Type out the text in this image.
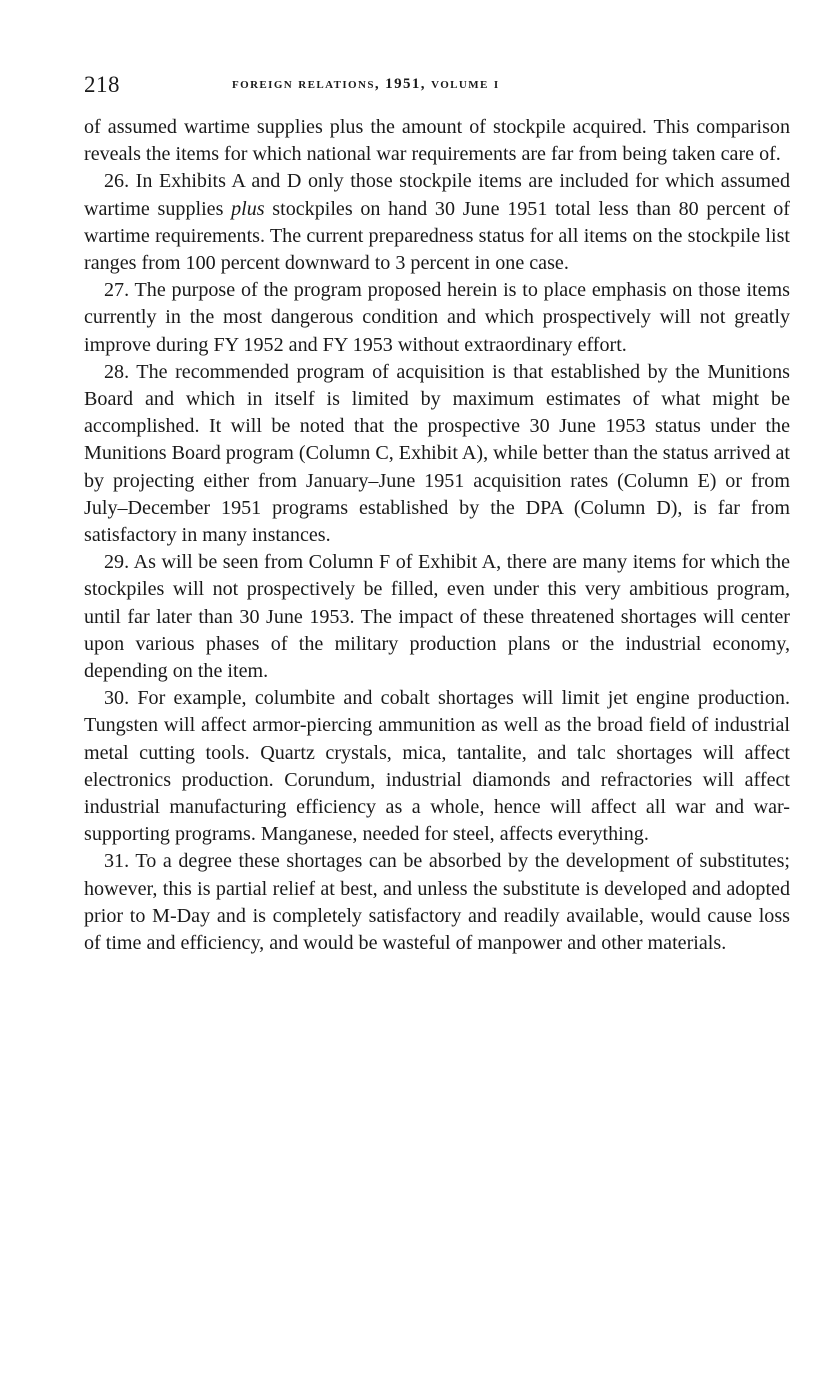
218	foreign relations, 1951, volume i

of assumed wartime supplies plus the amount of stockpile acquired. This comparison reveals the items for which national war requirements are far from being taken care of.

26. In Exhibits A and D only those stockpile items are included for which assumed wartime supplies plus stockpiles on hand 30 June 1951 total less than 80 percent of wartime requirements. The current preparedness status for all items on the stockpile list ranges from 100 percent downward to 3 percent in one case.

27. The purpose of the program proposed herein is to place emphasis on those items currently in the most dangerous condition and which prospectively will not greatly improve during FY 1952 and FY 1953 without extraordinary effort.

28. The recommended program of acquisition is that established by the Munitions Board and which in itself is limited by maximum estimates of what might be accomplished. It will be noted that the prospective 30 June 1953 status under the Munitions Board program (Column C, Exhibit A), while better than the status arrived at by projecting either from January–June 1951 acquisition rates (Column E) or from July–December 1951 programs established by the DPA (Column D), is far from satisfactory in many instances.

29. As will be seen from Column F of Exhibit A, there are many items for which the stockpiles will not prospectively be filled, even under this very ambitious program, until far later than 30 June 1953. The impact of these threatened shortages will center upon various phases of the military production plans or the industrial economy, depending on the item.

30. For example, columbite and cobalt shortages will limit jet engine production. Tungsten will affect armor-piercing ammunition as well as the broad field of industrial metal cutting tools. Quartz crystals, mica, tantalite, and talc shortages will affect electronics production. Corundum, industrial diamonds and refractories will affect industrial manufacturing efficiency as a whole, hence will affect all war and war-supporting programs. Manganese, needed for steel, affects everything.

31. To a degree these shortages can be absorbed by the development of substitutes; however, this is partial relief at best, and unless the substitute is developed and adopted prior to M-Day and is completely satisfactory and readily available, would cause loss of time and efficiency, and would be wasteful of manpower and other materials.
